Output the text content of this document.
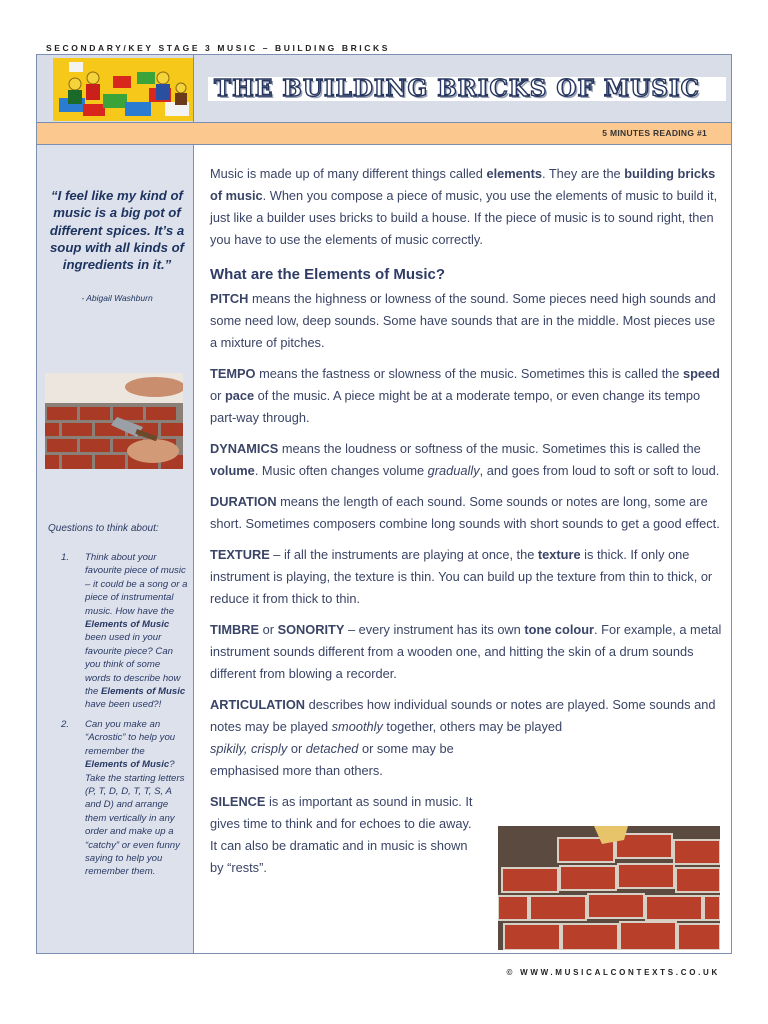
SECONDARY/KEY STAGE 3 MUSIC – BUILDING BRICKS
THE BUILDING BRICKS OF MUSIC
5 MINUTES READING #1
“I feel like my kind of music is a big pot of different spices. It’s a soup with all kinds of ingredients in it.”
- Abigail Washburn
Questions to think about:
1. Think about your favourite piece of music – it could be a song or a piece of instrumental music. How have the Elements of Music been used in your favourite piece? Can you think of some words to describe how the Elements of Music have been used?!
2. Can you make an “Acrostic” to help you remember the Elements of Music? Take the starting letters (P, T, D, D, T, T, S, A and D) and arrange them vertically in any order and make up a “catchy” or even funny saying to help you remember them.

Music is made up of many different things called elements. They are the building bricks of music. When you compose a piece of music, you use the elements of music to build it, just like a builder uses bricks to build a house. If the piece of music is to sound right, then you have to use the elements of music correctly.

What are the Elements of Music?

PITCH means the highness or lowness of the sound. Some pieces need high sounds and some need low, deep sounds. Some have sounds that are in the middle. Most pieces use a mixture of pitches.

TEMPO means the fastness or slowness of the music. Sometimes this is called the speed or pace of the music. A piece might be at a moderate tempo, or even change its tempo part-way through.

DYNAMICS means the loudness or softness of the music. Sometimes this is called the volume. Music often changes volume gradually, and goes from loud to soft or soft to loud.

DURATION means the length of each sound. Some sounds or notes are long, some are short. Sometimes composers combine long sounds with short sounds to get a good effect.

TEXTURE – if all the instruments are playing at once, the texture is thick. If only one instrument is playing, the texture is thin. You can build up the texture from thin to thick, or reduce it from thick to thin.

TIMBRE or SONORITY – every instrument has its own tone colour. For example, a metal instrument sounds different from a wooden one, and hitting the skin of a drum sounds different from blowing a recorder.

ARTICULATION describes how individual sounds or notes are played. Some sounds and notes may be played smoothly together, others may be played

spikily, crisply or detached or some may be emphasised more than others.

SILENCE is as important as sound in music. It gives time to think and for echoes to die away. It can also be dramatic and in music is shown by “rests”.

© WWW.MUSICALCONTEXTS.CO.UK
